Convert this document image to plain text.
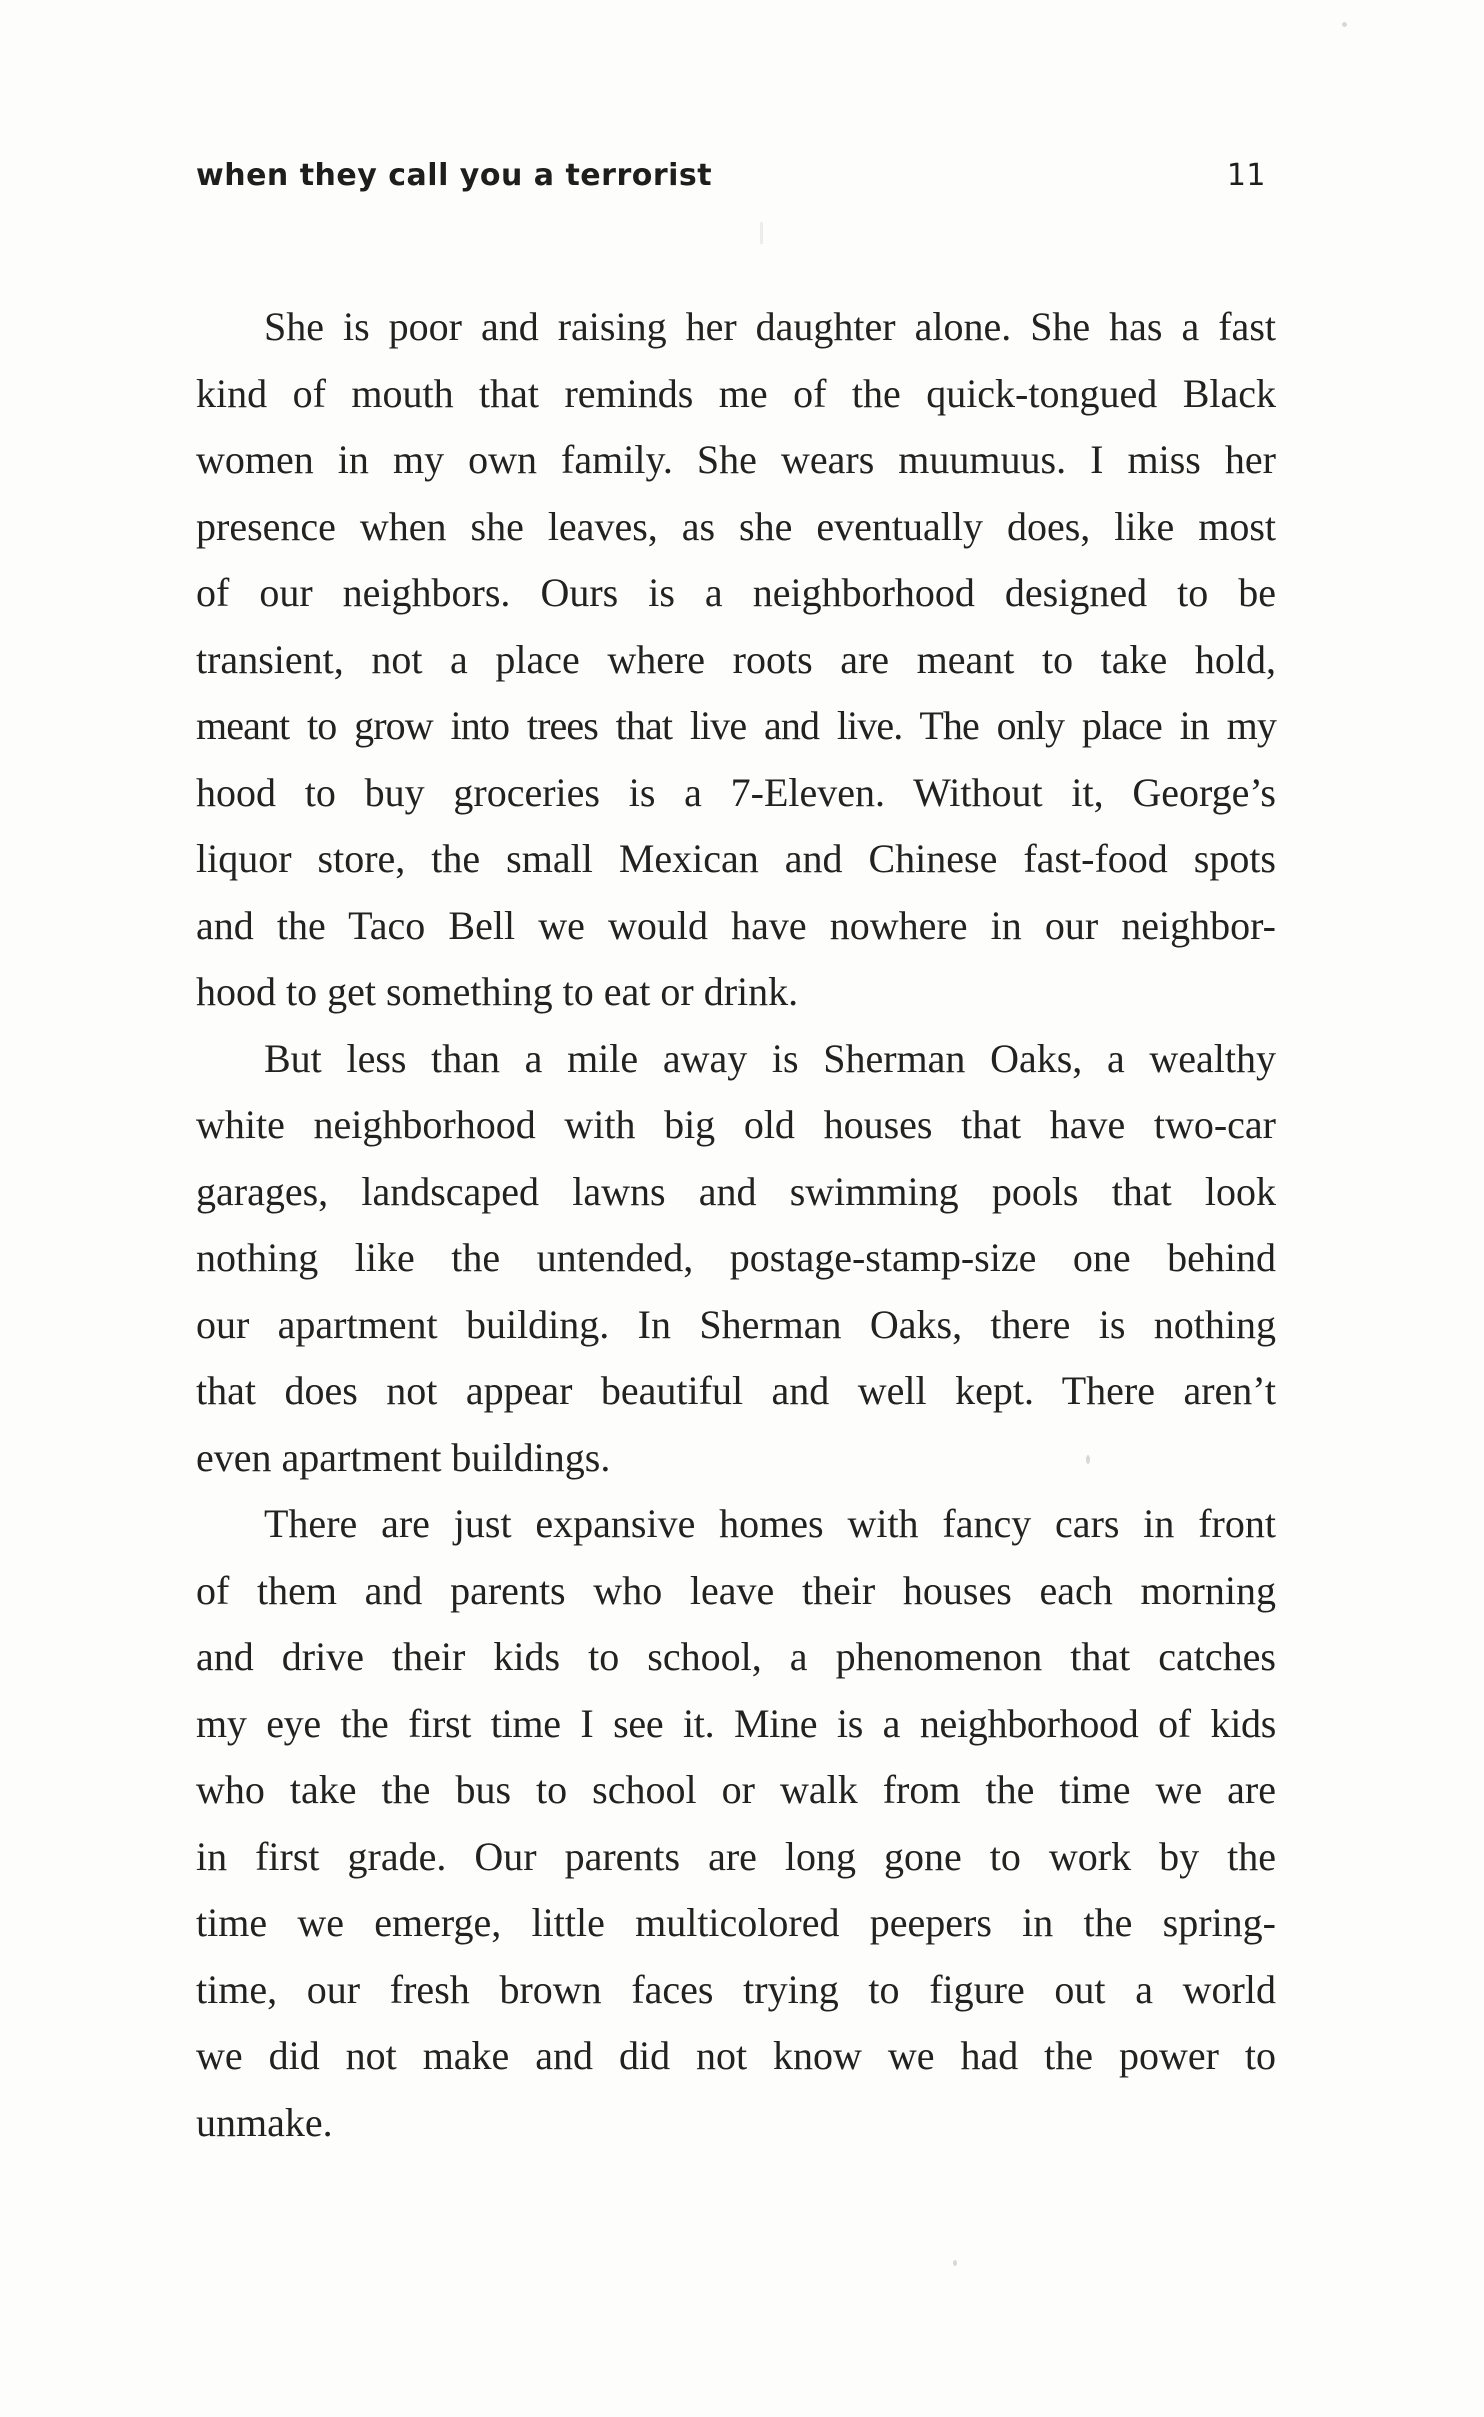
when they call you a terrorist	11
She is poor and raising her daughter alone. She has a fast
kind of mouth that reminds me of the quick-tongued Black
women in my own family. She wears muumuus. I miss her
presence when she leaves, as she eventually does, like most
of our neighbors. Ours is a neighborhood designed to be
transient, not a place where roots are meant to take hold,
meant to grow into trees that live and live. The only place in my
hood to buy groceries is a 7-Eleven. Without it, George’s
liquor store, the small Mexican and Chinese fast-food spots
and the Taco Bell we would have nowhere in our neighbor-
hood to get something to eat or drink.
But less than a mile away is Sherman Oaks, a wealthy
white neighborhood with big old houses that have two-car
garages, landscaped lawns and swimming pools that look
nothing like the untended, postage-stamp-size one behind
our apartment building. In Sherman Oaks, there is nothing
that does not appear beautiful and well kept. There aren’t
even apartment buildings.
There are just expansive homes with fancy cars in front
of them and parents who leave their houses each morning
and drive their kids to school, a phenomenon that catches
my eye the first time I see it. Mine is a neighborhood of kids
who take the bus to school or walk from the time we are
in first grade. Our parents are long gone to work by the
time we emerge, little multicolored peepers in the spring-
time, our fresh brown faces trying to figure out a world
we did not make and did not know we had the power to
unmake.
